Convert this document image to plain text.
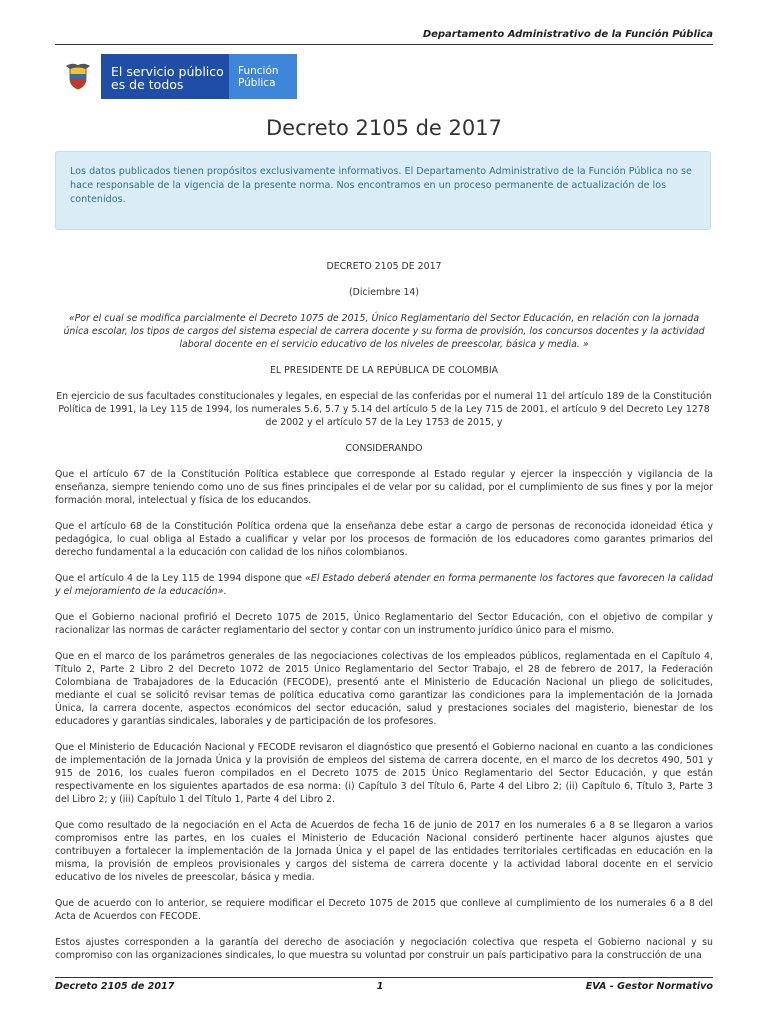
Departamento Administrativo de la Función Pública
El servicio público
es de todos
Función
Pública
Decreto 2105 de 2017
Los datos publicados tienen propósitos exclusivamente informativos. El Departamento Administrativo de la Función Pública no se hace responsable de la vigencia de la presente norma. Nos encontramos en un proceso permanente de actualización de los contenidos.

DECRETO 2105 DE 2017

(Diciembre 14)

«Por el cual se modifica parcialmente el Decreto 1075 de 2015, Único Reglamentario del Sector Educación, en relación con la jornada única escolar, los tipos de cargos del sistema especial de carrera docente y su forma de provisión, los concursos docentes y la actividad laboral docente en el servicio educativo de los niveles de preescolar, básica y media. »

EL PRESIDENTE DE LA REPÚBLICA DE COLOMBIA

En ejercicio de sus facultades constitucionales y legales, en especial de las conferidas por el numeral 11 del artículo 189 de la Constitución Política de 1991, la Ley 115 de 1994, los numerales 5.6, 5.7 y 5.14 del artículo 5 de la Ley 715 de 2001, el artículo 9 del Decreto Ley 1278 de 2002 y el artículo 57 de la Ley 1753 de 2015, y

CONSIDERANDO

Que el artículo 67 de la Constitución Política establece que corresponde al Estado regular y ejercer la inspección y vigilancia de la enseñanza, siempre teniendo como uno de sus fines principales el de velar por su calidad, por el cumplimiento de sus fines y por la mejor formación moral, intelectual y física de los educandos.

Que el artículo 68 de la Constitución Política ordena que la enseñanza debe estar a cargo de personas de reconocida idoneidad ética y pedagógica, lo cual obliga al Estado a cualificar y velar por los procesos de formación de los educadores como garantes primarios del derecho fundamental a la educación con calidad de los niños colombianos.

Que el artículo 4 de la Ley 115 de 1994 dispone que «El Estado deberá atender en forma permanente los factores que favorecen la calidad y el mejoramiento de la educación».

Que el Gobierno nacional profirió el Decreto 1075 de 2015, Único Reglamentario del Sector Educación, con el objetivo de compilar y racionalizar las normas de carácter reglamentario del sector y contar con un instrumento jurídico único para el mismo.

Que en el marco de los parámetros generales de las negociaciones colectivas de los empleados públicos, reglamentada en el Capítulo 4, Título 2, Parte 2 Libro 2 del Decreto 1072 de 2015 Único Reglamentario del Sector Trabajo, el 28 de febrero de 2017, la Federación Colombiana de Trabajadores de la Educación (FECODE), presentó ante el Ministerio de Educación Nacional un pliego de solicitudes, mediante el cual se solicitó revisar temas de política educativa como garantizar las condiciones para la implementación de la Jornada Única, la carrera docente, aspectos económicos del sector educación, salud y prestaciones sociales del magisterio, bienestar de los educadores y garantías sindicales, laborales y de participación de los profesores.

Que el Ministerio de Educación Nacional y FECODE revisaron el diagnóstico que presentó el Gobierno nacional en cuanto a las condiciones de implementación de la Jornada Única y la provisión de empleos del sistema de carrera docente, en el marco de los decretos 490, 501 y 915 de 2016, los cuales fueron compilados en el Decreto 1075 de 2015 Único Reglamentario del Sector Educación, y que están respectivamente en los siguientes apartados de esa norma: (i) Capítulo 3 del Título 6, Parte 4 del Libro 2; (ii) Capítulo 6, Título 3, Parte 3 del Libro 2; y (iii) Capítulo 1 del Título 1, Parte 4 del Libro 2.

Que como resultado de la negociación en el Acta de Acuerdos de fecha 16 de junio de 2017 en los numerales 6 a 8 se llegaron a varios compromisos entre las partes, en los cuales el Ministerio de Educación Nacional consideró pertinente hacer algunos ajustes que contribuyen a fortalecer la implementación de la Jornada Única y el papel de las entidades territoriales certificadas en educación en la misma, la provisión de empleos provisionales y cargos del sistema de carrera docente y la actividad laboral docente en el servicio educativo de los niveles de preescolar, básica y media.

Que de acuerdo con lo anterior, se requiere modificar el Decreto 1075 de 2015 que conlleve al cumplimiento de los numerales 6 a 8 del Acta de Acuerdos con FECODE.

Estos ajustes corresponden a la garantía del derecho de asociación y negociación colectiva que respeta el Gobierno nacional y su compromiso con las organizaciones sindicales, lo que muestra su voluntad por construir un país participativo para la construcción de una

Decreto 2105 de 2017	1	EVA - Gestor Normativo
